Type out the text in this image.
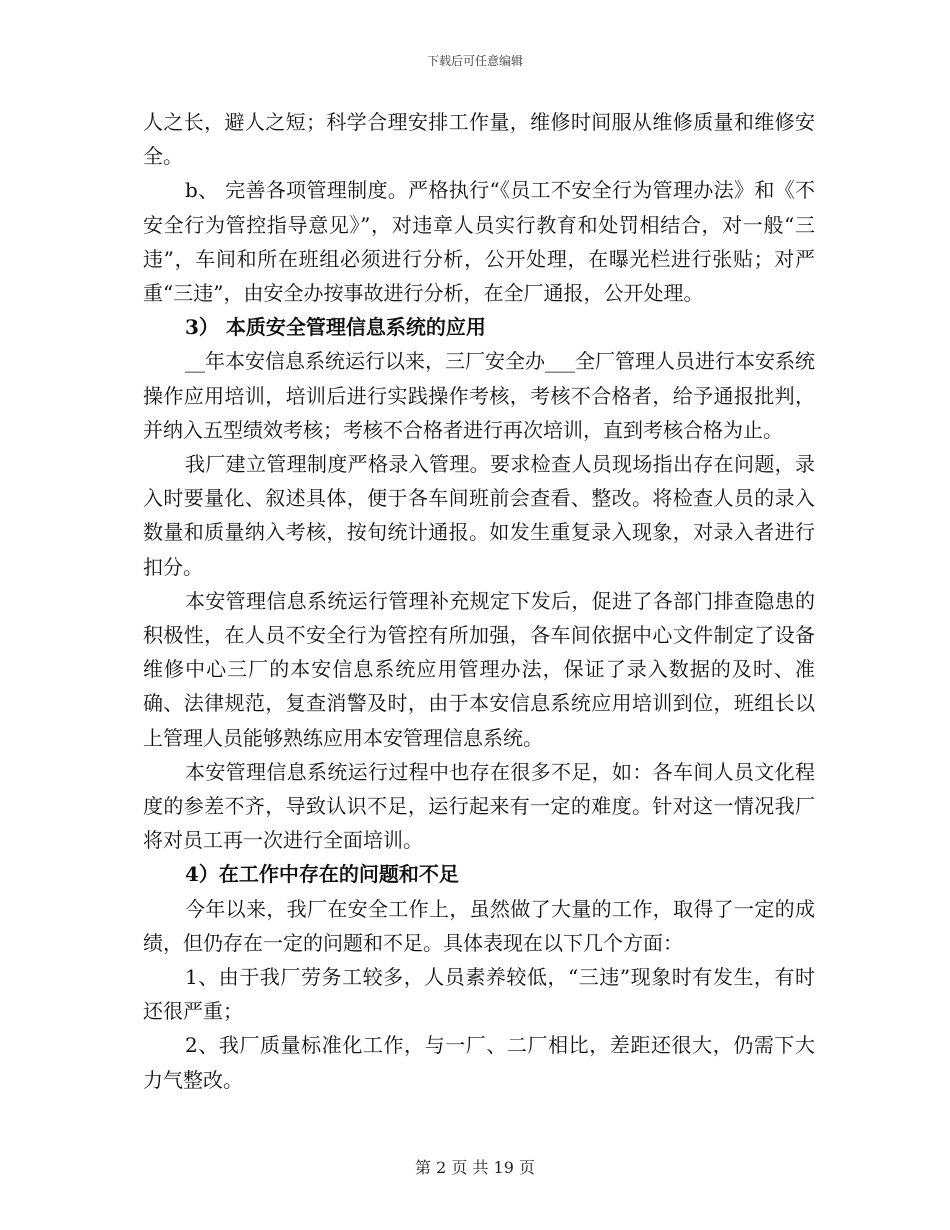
下载后可任意编辑

人之长，避人之短；科学合理安排工作量，维修时间服从维修质量和维修安全。

b、 完善各项管理制度。严格执行“《员工不安全行为管理办法》和《不安全行为管控指导意见》”，对违章人员实行教育和处罚相结合，对一般“三违”，车间和所在班组必须进行分析，公开处理，在曝光栏进行张贴；对严重“三违”，由安全办按事故进行分析，在全厂通报，公开处理。

3） 本质安全管理信息系统的应用

__年本安信息系统运行以来，三厂安全办___全厂管理人员进行本安系统操作应用培训，培训后进行实践操作考核，考核不合格者，给予通报批判，并纳入五型绩效考核；考核不合格者进行再次培训，直到考核合格为止。

我厂建立管理制度严格录入管理。要求检查人员现场指出存在问题，录入时要量化、叙述具体，便于各车间班前会查看、整改。将检查人员的录入数量和质量纳入考核，按旬统计通报。如发生重复录入现象，对录入者进行扣分。

本安管理信息系统运行管理补充规定下发后，促进了各部门排查隐患的积极性，在人员不安全行为管控有所加强，各车间依据中心文件制定了设备维修中心三厂的本安信息系统应用管理办法，保证了录入数据的及时、准确、法律规范，复查消警及时，由于本安信息系统应用培训到位，班组长以上管理人员能够熟练应用本安管理信息系统。

本安管理信息系统运行过程中也存在很多不足，如：各车间人员文化程度的参差不齐，导致认识不足，运行起来有一定的难度。针对这一情况我厂将对员工再一次进行全面培训。

4）在工作中存在的问题和不足

今年以来，我厂在安全工作上，虽然做了大量的工作，取得了一定的成绩，但仍存在一定的问题和不足。具体表现在以下几个方面：

1、由于我厂劳务工较多，人员素养较低，“三违”现象时有发生，有时还很严重；

2、我厂质量标准化工作，与一厂、二厂相比，差距还很大，仍需下大力气整改。

第 2 页 共 19 页
